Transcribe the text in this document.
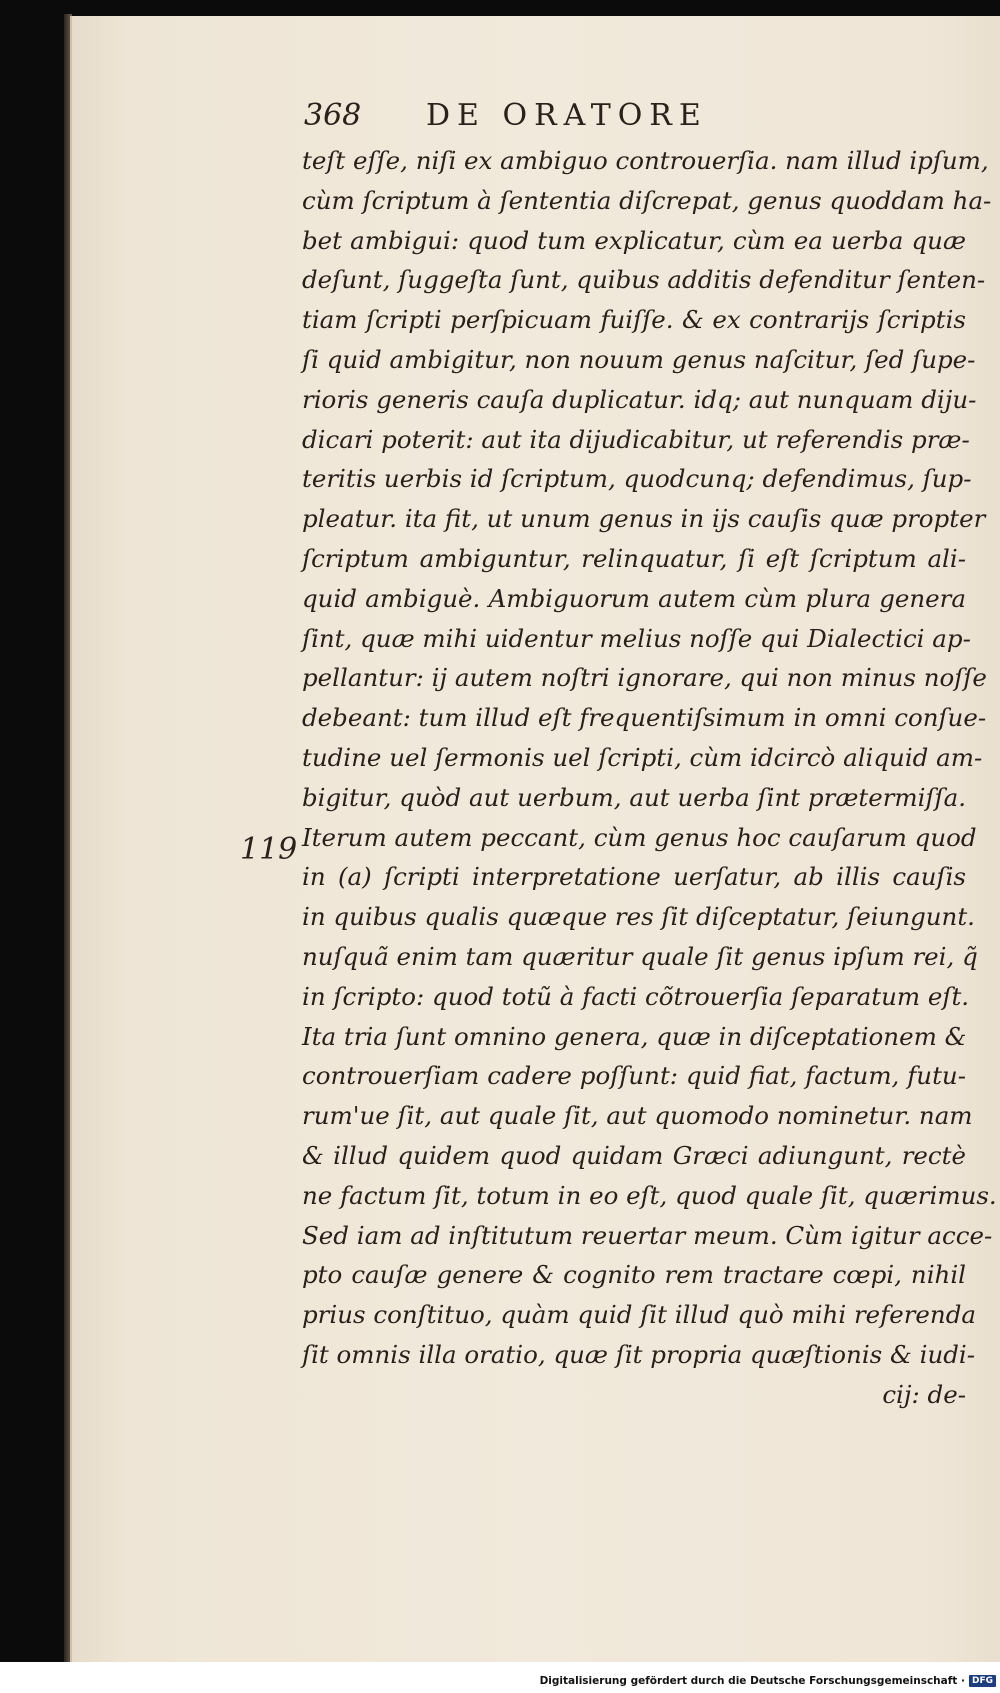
368 DE ORATORE
119
teſt eſſe, niſi ex ambiguo controuerſia. nam illud ipſum,
cùm ſcriptum à ſententia diſcrepat, genus quoddam ha-
bet ambigui: quod tum explicatur, cùm ea uerba quæ
deſunt, ſuggeſta ſunt, quibus additis defenditur ſenten-
tiam ſcripti perſpicuam fuiſſe. & ex contrarijs ſcriptis
ſi quid ambigitur, non nouum genus naſcitur, ſed ſupe-
rioris generis cauſa duplicatur. idq; aut nunquam diju-
dicari poterit: aut ita dijudicabitur, ut referendis præ-
teritis uerbis id ſcriptum, quodcunq; defendimus, ſup-
pleatur. ita fit, ut unum genus in ijs cauſis quæ propter
ſcriptum ambiguntur, relinquatur, ſi eſt ſcriptum ali-
quid ambiguè. Ambiguorum autem cùm plura genera
ſint, quæ mihi uidentur melius noſſe qui Dialectici ap-
pellantur: ij autem noſtri ignorare, qui non minus noſſe
debeant: tum illud eſt frequentiſsimum in omni conſue-
tudine uel ſermonis uel ſcripti, cùm idcircò aliquid am-
bigitur, quòd aut uerbum, aut uerba ſint prætermiſſa.
Iterum autem peccant, cùm genus hoc cauſarum quod
in (a) ſcripti interpretatione uerſatur, ab illis cauſis
in quibus qualis quæque res ſit diſceptatur, ſeiungunt.
nuſquã enim tam quæritur quale ſit genus ipſum rei, q̃
in ſcripto: quod totũ à facti cõtrouerſia ſeparatum eſt.
Ita tria ſunt omnino genera, quæ in diſceptationem &
controuerſiam cadere poſſunt: quid fiat, factum, futu-
rum'ue ſit, aut quale ſit, aut quomodo nominetur. nam
& illud quidem quod quidam Græci adiungunt, rectè
ne factum ſit, totum in eo eſt, quod quale ſit, quærimus.
Sed iam ad inſtitutum reuertar meum. Cùm igitur acce-
pto cauſæ genere & cognito rem tractare cœpi, nihil
prius conſtituo, quàm quid ſit illud quò mihi referenda
ſit omnis illa oratio, quæ ſit propria quæſtionis & iudi-
cij: de-
Digitalisierung gefördert durch die Deutsche Forschungsgemeinschaft · DFG
